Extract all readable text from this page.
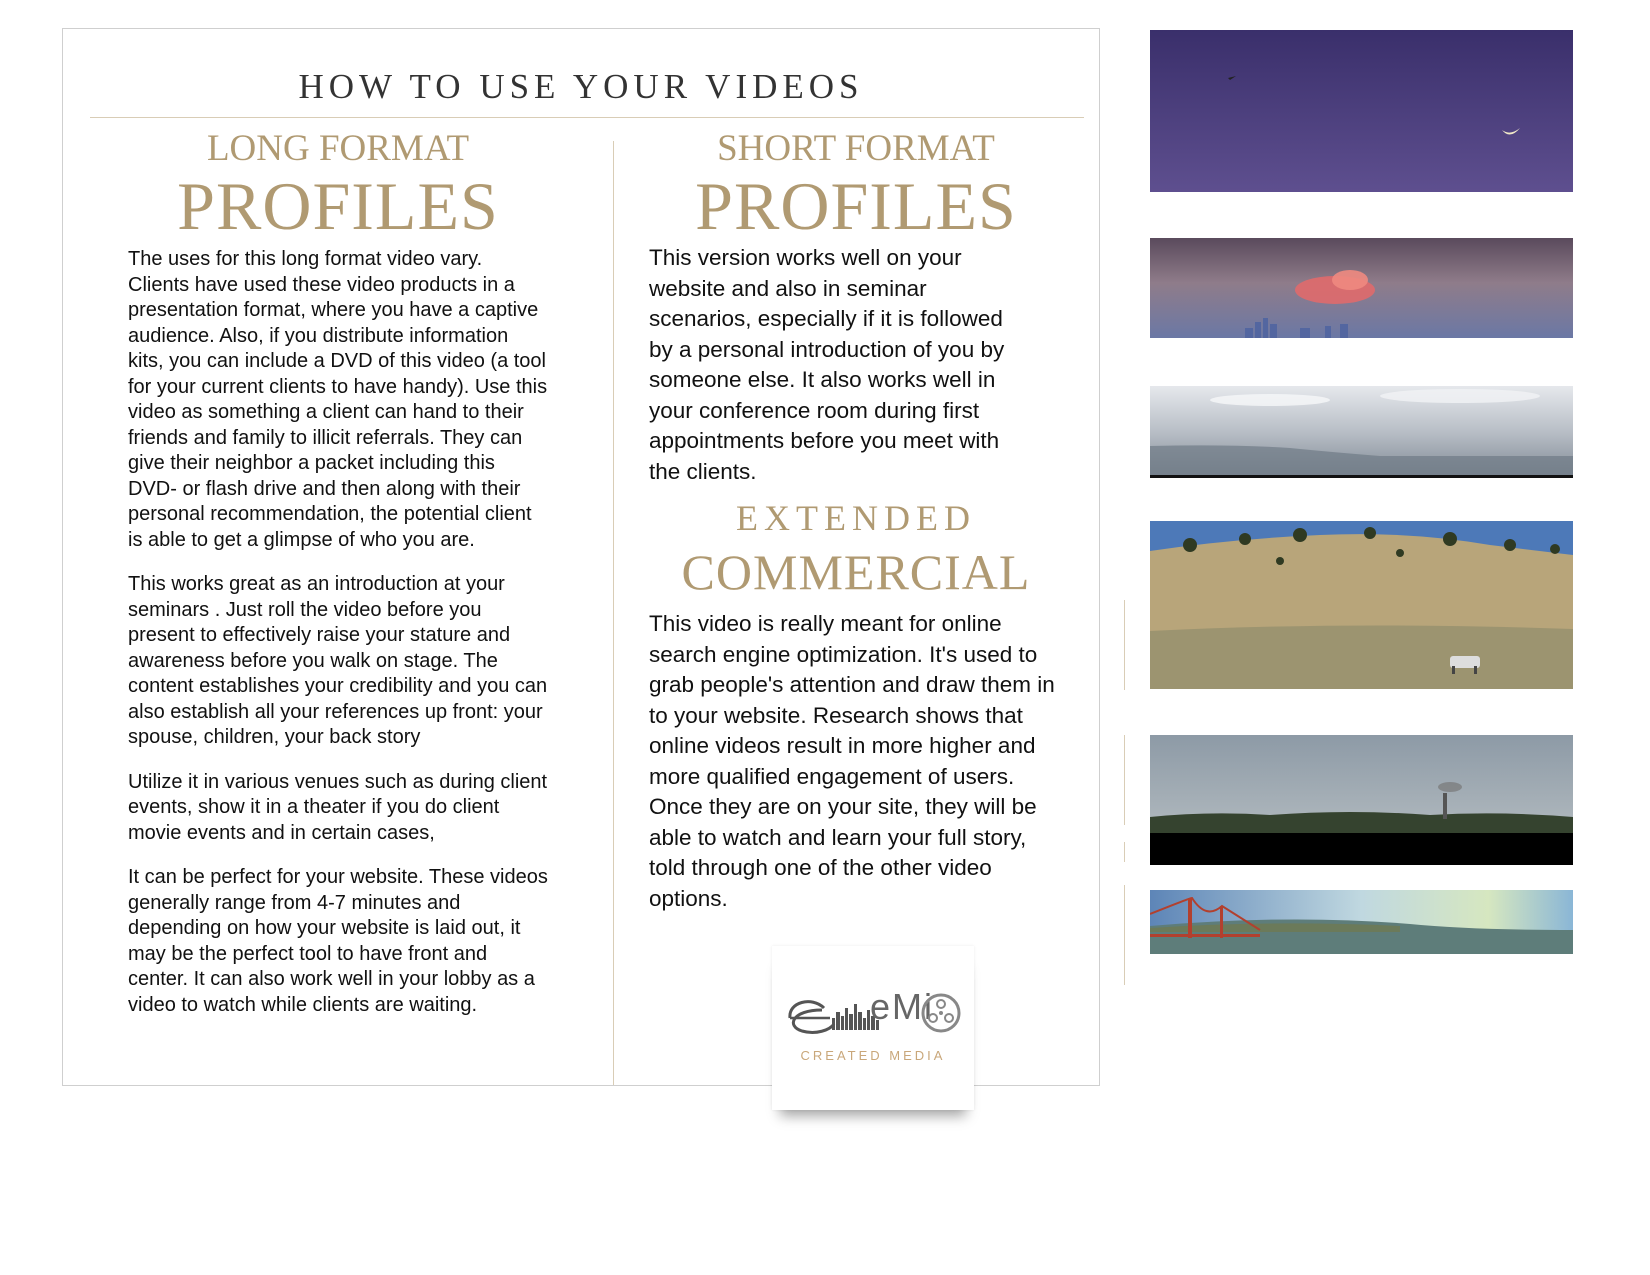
HOW TO USE YOUR VIDEOS
LONG FORMAT
PROFILES

The uses for this long format video vary. Clients have used these video products in a presentation format, where you have a captive audience. Also, if you distribute information kits, you can include a DVD of this video (a tool for your current clients to have handy). Use this video as something a client can hand to their friends and family to illicit referrals. They can give their neighbor a packet including this DVD- or flash drive and then along with their personal recommendation, the potential client is able to get a glimpse of who you are.

This works great as an introduction at your seminars . Just roll the video before you present to effectively raise your stature and awareness before you walk on stage. The content establishes your credibility and you can also establish all your references up front: your spouse, children, your back story

Utilize it in various venues such as during client events, show it in a theater if you do client movie events and in certain cases,

It can be perfect for your website. These videos generally range from 4-7 minutes and depending on how your website is laid out, it may be the perfect tool to have front and center. It can also work well in your lobby as a video to watch while clients are waiting.

SHORT FORMAT
PROFILES

This version works well on your website and also in seminar scenarios, especially if it is followed by a personal introduction of you by someone else. It also works well in your conference room during first appointments before you meet with the clients.

EXTENDED
COMMERCIAL

This video is really meant for online search engine optimization. It's used to grab people's attention and draw them in to your website. Research shows that online videos result in more higher and more qualified engagement of users. Once they are on your site, they will be able to watch and learn your full story, told through one of the other video options.

eMi
CREATED MEDIA
